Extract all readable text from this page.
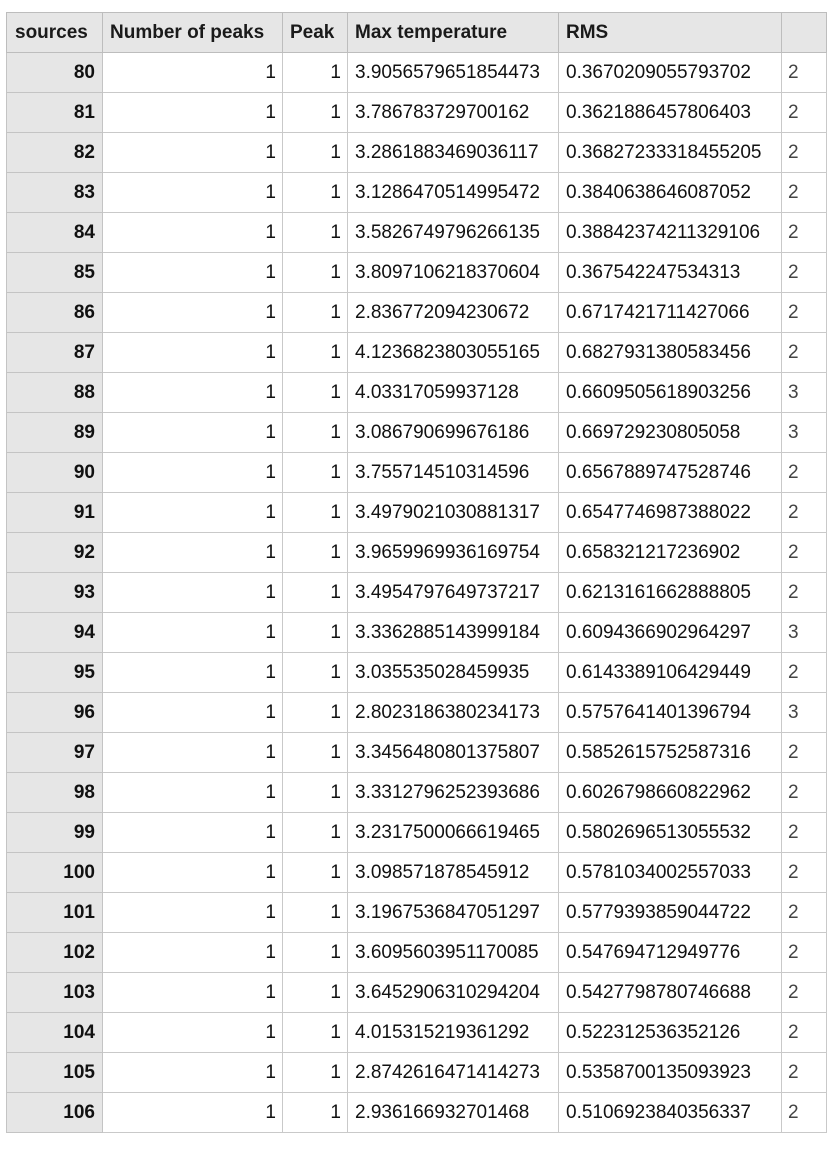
sources	Number of peaks	Peak	Max temperature	RMS	
80	1	1	3.9056579651854473	0.3670209055793702	2
81	1	1	3.786783729700162	0.3621886457806403	2
82	1	1	3.2861883469036117	0.36827233318455205	2
83	1	1	3.1286470514995472	0.3840638646087052	2
84	1	1	3.5826749796266135	0.38842374211329106	2
85	1	1	3.8097106218370604	0.367542247534313	2
86	1	1	2.836772094230672	0.6717421711427066	2
87	1	1	4.1236823803055165	0.6827931380583456	2
88	1	1	4.03317059937128	0.6609505618903256	3
89	1	1	3.086790699676186	0.669729230805058	3
90	1	1	3.755714510314596	0.6567889747528746	2
91	1	1	3.4979021030881317	0.6547746987388022	2
92	1	1	3.9659969936169754	0.658321217236902	2
93	1	1	3.4954797649737217	0.6213161662888805	2
94	1	1	3.3362885143999184	0.6094366902964297	3
95	1	1	3.035535028459935	0.6143389106429449	2
96	1	1	2.8023186380234173	0.5757641401396794	3
97	1	1	3.3456480801375807	0.5852615752587316	2
98	1	1	3.3312796252393686	0.6026798660822962	2
99	1	1	3.2317500066619465	0.5802696513055532	2
100	1	1	3.098571878545912	0.5781034002557033	2
101	1	1	3.1967536847051297	0.5779393859044722	2
102	1	1	3.6095603951170085	0.547694712949776	2
103	1	1	3.6452906310294204	0.5427798780746688	2
104	1	1	4.015315219361292	0.522312536352126	2
105	1	1	2.8742616471414273	0.5358700135093923	2
106	1	1	2.936166932701468	0.5106923840356337	2
